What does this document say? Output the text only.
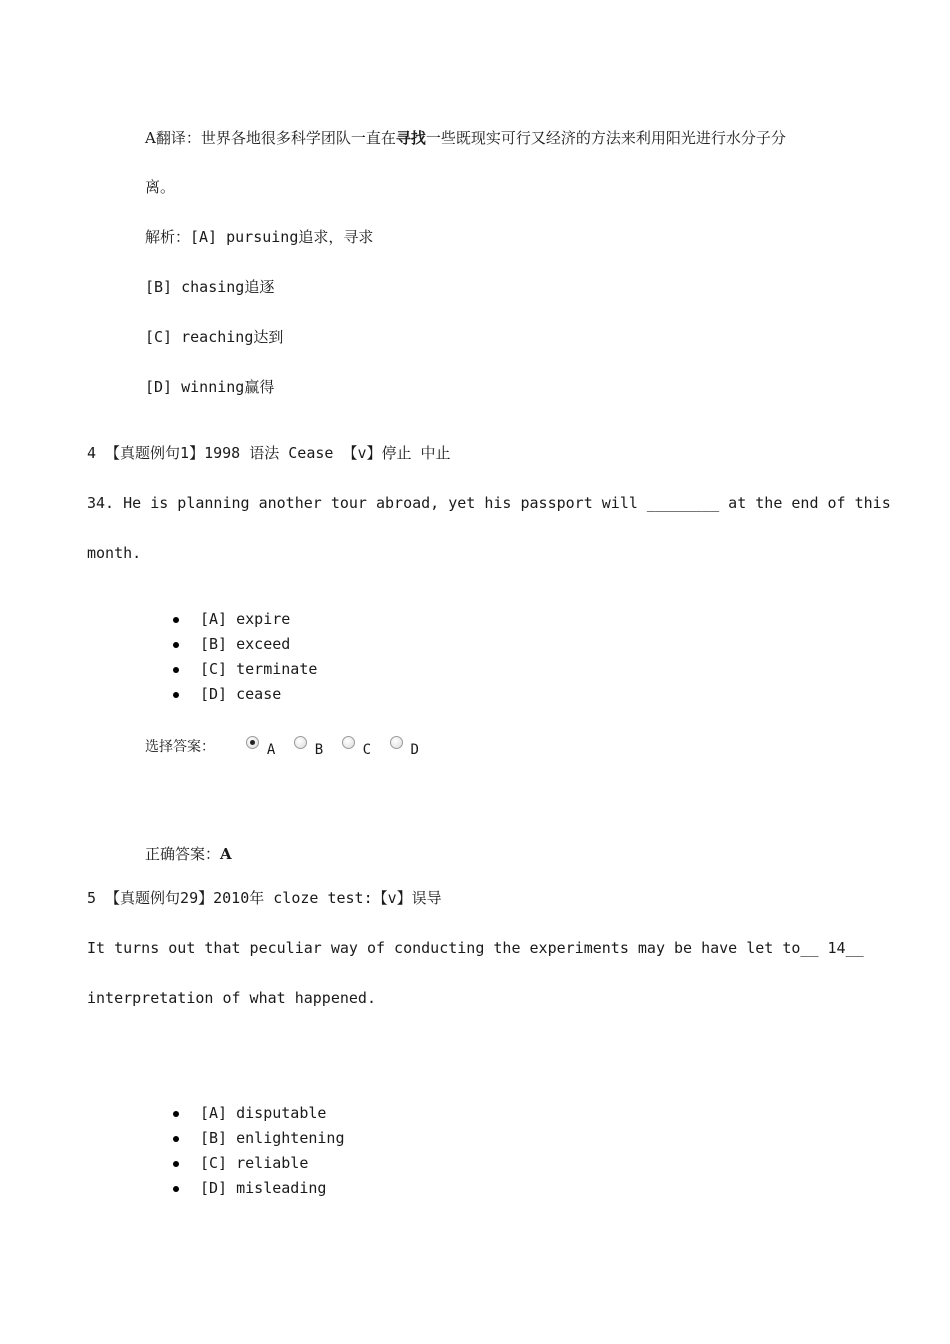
A翻译：世界各地很多科学团队一直在寻找一些既现实可行又经济的方法来利用阳光进行水分子分
离。
解析：[A] pursuing追求，寻求
[B] chasing追逐
[C] reaching达到
[D] winning赢得
4 【真题例句1】1998 语法 Cease 【v】停止 中止
34. He is planning another tour abroad, yet his passport will ________ at the end of this
month.
[A] expire
[B] exceed
[C] terminate
[D] cease
选择答案：	A	B	C	D
正确答案：A
5 【真题例句29】2010年 cloze test:【v】误导
It turns out that peculiar way of conducting the experiments may be have let to__ 14__
interpretation of what happened.
[A] disputable
[B] enlightening
[C] reliable
[D] misleading
